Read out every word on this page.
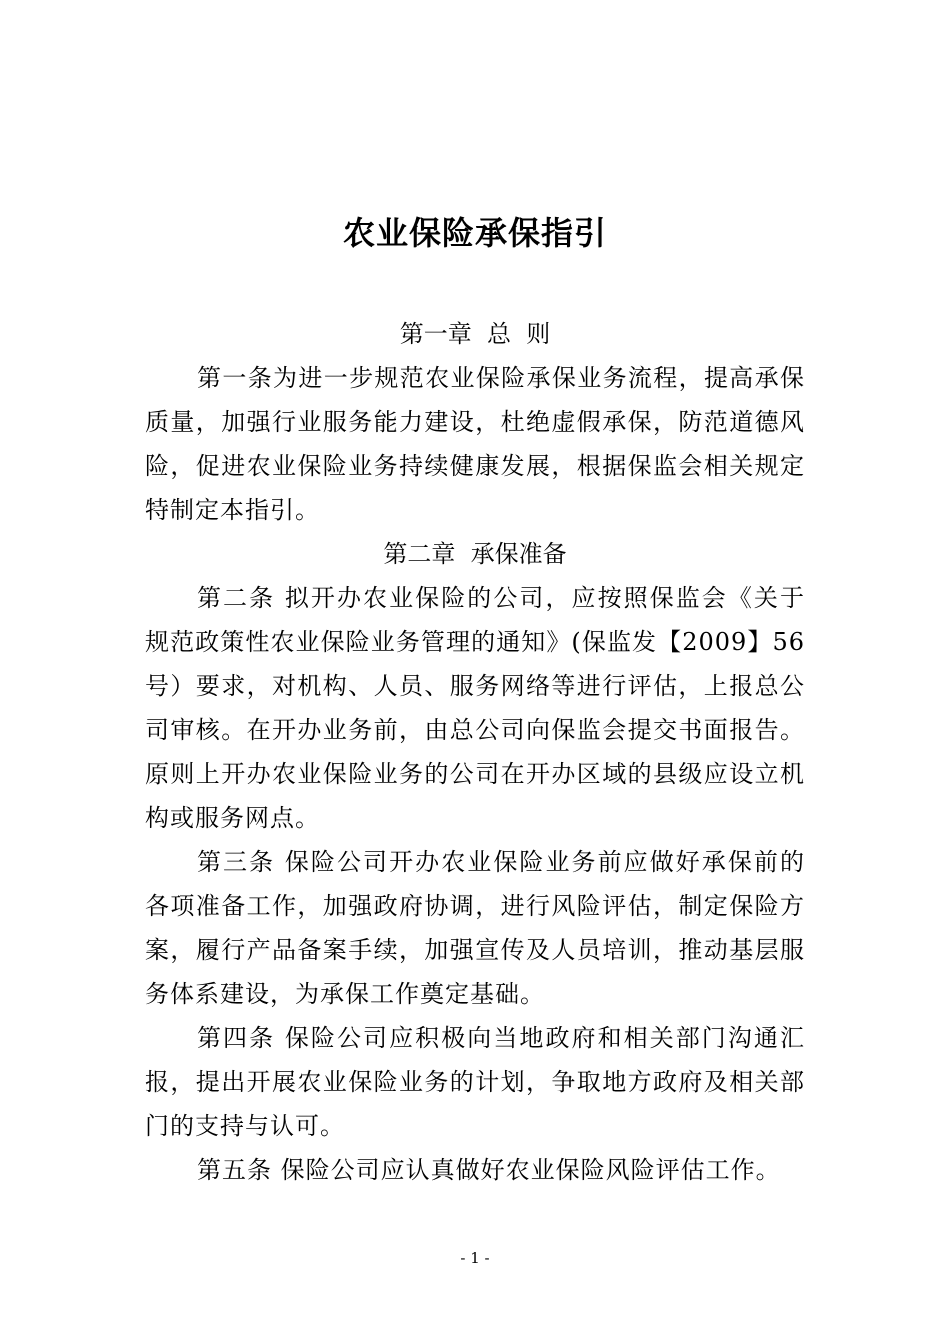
农业保险承保指引
第一章  总  则
第一条为进一步规范农业保险承保业务流程，提高承保质量，加强行业服务能力建设，杜绝虚假承保，防范道德风险，促进农业保险业务持续健康发展，根据保监会相关规定特制定本指引。
第二章  承保准备
第二条 拟开办农业保险的公司，应按照保监会《关于规范政策性农业保险业务管理的通知》(保监发【2009】56号）要求，对机构、人员、服务网络等进行评估，上报总公司审核。在开办业务前，由总公司向保监会提交书面报告。原则上开办农业保险业务的公司在开办区域的县级应设立机构或服务网点。
第三条 保险公司开办农业保险业务前应做好承保前的各项准备工作，加强政府协调，进行风险评估，制定保险方案，履行产品备案手续，加强宣传及人员培训，推动基层服务体系建设，为承保工作奠定基础。
第四条 保险公司应积极向当地政府和相关部门沟通汇报，提出开展农业保险业务的计划，争取地方政府及相关部门的支持与认可。
第五条 保险公司应认真做好农业保险风险评估工作。
- 1 -
